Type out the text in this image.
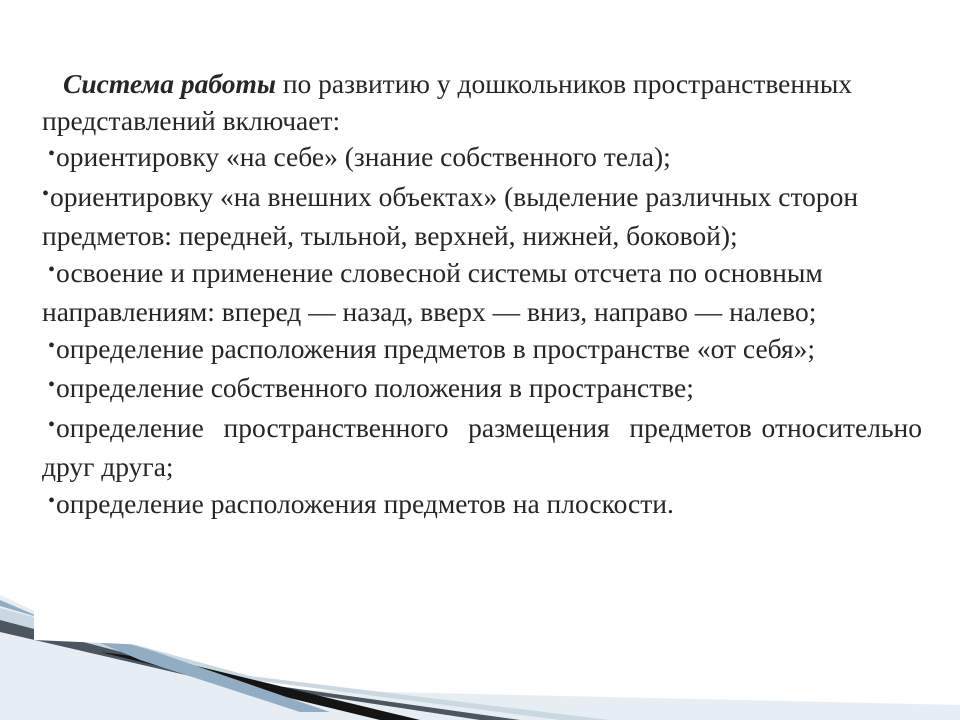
Система работы по развитию у дошкольников пространственных представлений включает:

•ориентировку «на себе» (знание собственного тела);

•ориентировку «на внешних объектах» (выделение различных сторон предметов: передней, тыльной, верхней, нижней, боковой);

•освоение и применение словесной системы отсчета по основным направлениям: вперед — назад, вверх — вниз, направо — налево;

•определение расположения предметов в пространстве «от себя»;

•определение собственного положения в пространстве;

•определение  пространственного  размещения  предметов относительно друг друга;

•определение расположения предметов на плоскости.
